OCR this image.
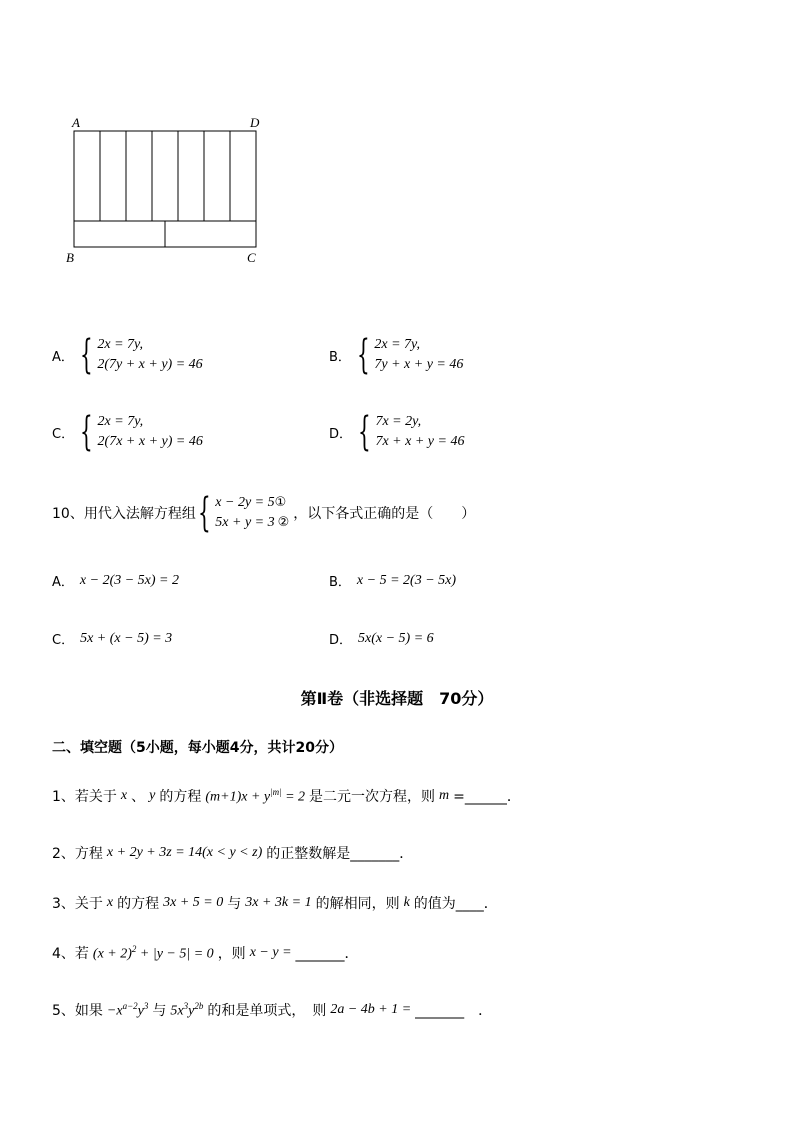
A	D
B	C
A． { 2x = 7y,
2(7y + x + y) = 46	B． { 2x = 7y,
7y + x + y = 46
C． { 2x = 7y,
2(7x + x + y) = 46	D． { 7x = 2y,
7x + x + y = 46
10、用代入法解方程组 { x − 2y = 5①
5x + y = 3 ②
，以下各式正确的是（　　）
A． x − 2(3 − 5x) = 2	B． x − 5 = 2(3 − 5x)
C． 5x + (x − 5) = 3	D． 5x(x − 5) = 6
第Ⅱ卷（非选择题　70分）
二、填空题（5小题，每小题4分，共计20分）
1、若关于 x 、 y 的方程 $(m+1)x + y^{|m|} = 2$ 是二元一次方程，则 m =______．
2、方程 x + 2y + 3z = 14(x < y < z) 的正整数解是_______．
3、关于 x 的方程 3x + 5 = 0 与 3x + 3k = 1 的解相同，则 k 的值为____．
4、若 $(x + 2)^2 + |y - 5| = 0$ ，则 x − y = _______．
5、如果 $-x^{a-2}y^3$ 与 $5x^3y^{2b}$ 的和是单项式，　则 2a − 4b + 1 = _______　．
